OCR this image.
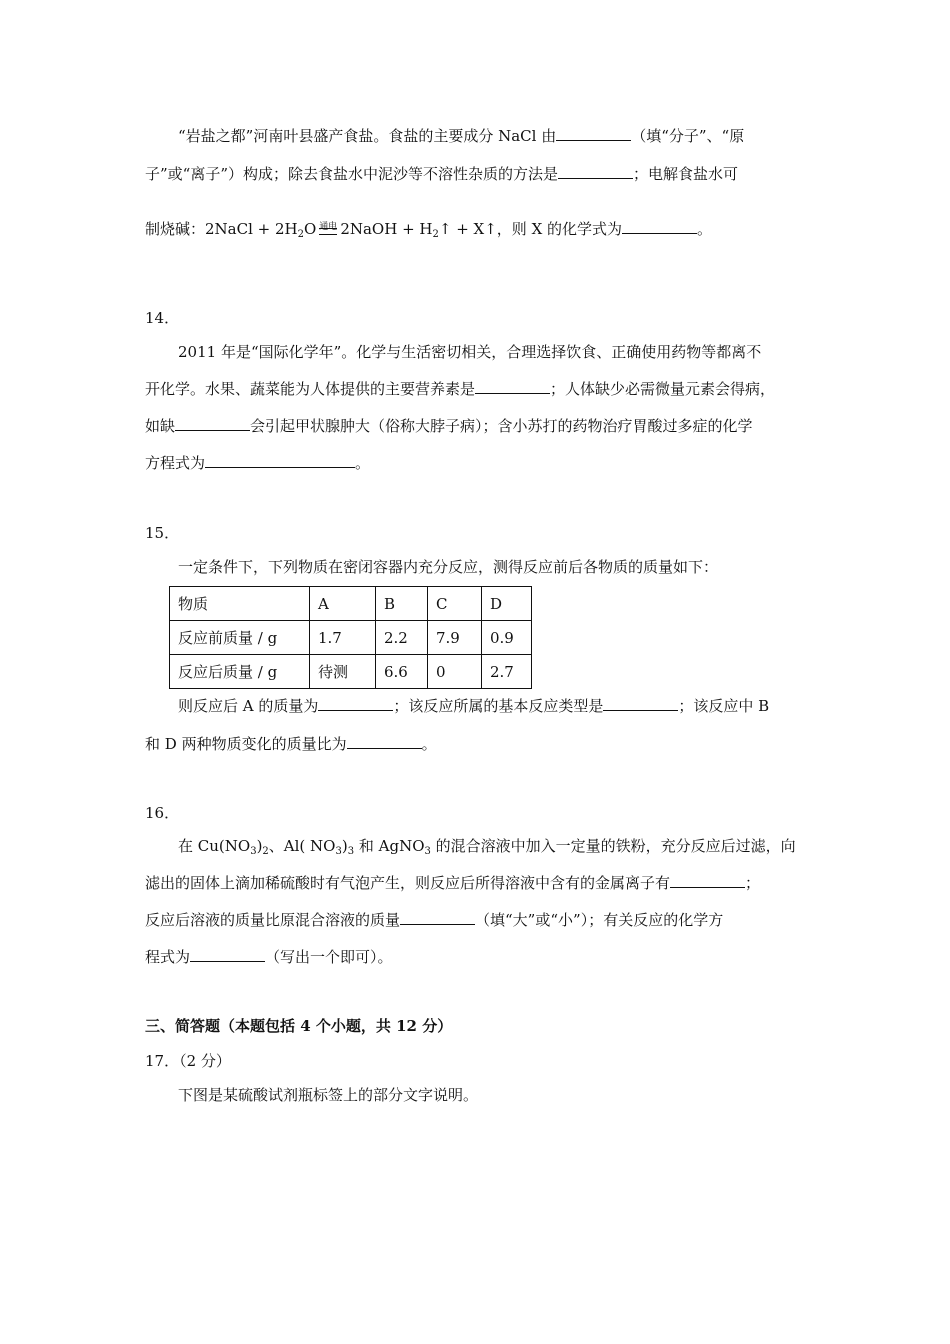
“岩盐之都”河南叶县盛产食盐。食盐的主要成分 NaCl 由	（填“分子”、“原
子”或“离子”）构成；除去食盐水中泥沙等不溶性杂质的方法是	；电解食盐水可
制烧碱：2NaCl + $2H_2O$ 通电 2NaOH + $H_2↑$ + X↑，则 X 的化学式为	。
14．
2011 年是“国际化学年”。化学与生活密切相关，合理选择饮食、正确使用药物等都离不
开化学。水果、蔬菜能为人体提供的主要营养素是	；人体缺少必需微量元素会得病，
如缺	会引起甲状腺肿大（俗称大脖子病）；含小苏打的药物治疗胃酸过多症的化学
方程式为	。
15．
一定条件下，下列物质在密闭容器内充分反应，测得反应前后各物质的质量如下：
物质	A	B	C	D
反应前质量 / g	1.7	2.2	7.9	0.9
反应后质量 / g	待测	6.6	0	2.7
则反应后 A 的质量为	；该反应所属的基本反应类型是	；该反应中 B
和 D 两种物质变化的质量比为	。
16．
在 $Cu(NO_3)_2$、Al( $NO_3)_3$ 和 AgNO$_3$ 的混合溶液中加入一定量的铁粉，充分反应后过滤，向
滤出的固体上滴加稀硫酸时有气泡产生，则反应后所得溶液中含有的金属离子有	；
反应后溶液的质量比原混合溶液的质量	（填“大”或“小”）；有关反应的化学方
程式为	（写出一个即可）。
三、简答题（本题包括 4 个小题，共 12 分）
17．（2 分）
下图是某硫酸试剂瓶标签上的部分文字说明。
